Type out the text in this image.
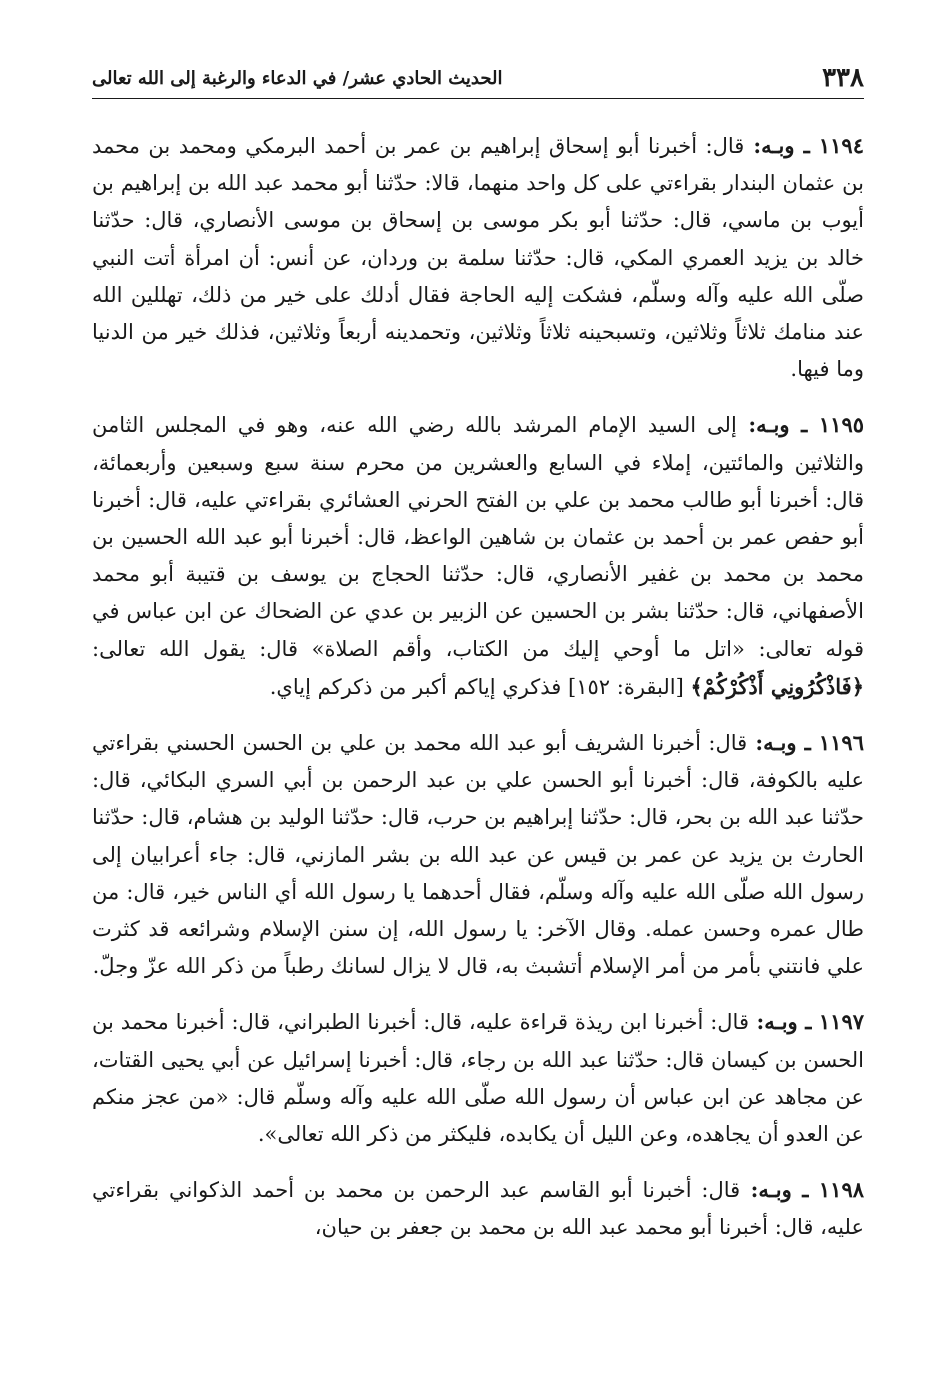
٣٣٨
الحديث الحادي عشر/ في الدعاء والرغبة إلى الله تعالى

١١٩٤ ـ وبـه: قال: أخبرنا أبو إسحاق إبراهيم بن عمر بن أحمد البرمكي ومحمد بن محمد بن عثمان البندار بقراءتي على كل واحد منهما، قالا: حدّثنا أبو محمد عبد الله بن إبراهيم بن أيوب بن ماسي، قال: حدّثنا أبو بكر موسى بن إسحاق بن موسى الأنصاري، قال: حدّثنا خالد بن يزيد العمري المكي، قال: حدّثنا سلمة بن وردان، عن أنس: أن امرأة أتت النبي صلّى الله عليه وآله وسلّم، فشكت إليه الحاجة فقال أدلك على خير من ذلك، تهللين الله عند منامك ثلاثاً وثلاثين، وتسبحينه ثلاثاً وثلاثين، وتحمدينه أربعاً وثلاثين، فذلك خير من الدنيا وما فيها.

١١٩٥ ـ وبـه: إلى السيد الإمام المرشد بالله رضي الله عنه، وهو في المجلس الثامن والثلاثين والمائتين، إملاء في السابع والعشرين من محرم سنة سبع وسبعين وأربعمائة، قال: أخبرنا أبو طالب محمد بن علي بن الفتح الحرني العشائري بقراءتي عليه، قال: أخبرنا أبو حفص عمر بن أحمد بن عثمان بن شاهين الواعظ، قال: أخبرنا أبو عبد الله الحسين بن محمد بن محمد بن غفير الأنصاري، قال: حدّثنا الحجاج بن يوسف بن قتيبة أبو محمد الأصفهاني، قال: حدّثنا بشر بن الحسين عن الزبير بن عدي عن الضحاك عن ابن عباس في قوله تعالى: «اتل ما أوحي إليك من الكتاب، وأقم الصلاة» قال: يقول الله تعالى: ﴿فَاذْكُرُونِي أَذْكُرْكُمْ﴾ [البقرة: ١٥٢] فذكري إياكم أكبر من ذكركم إياي.

١١٩٦ ـ وبـه: قال: أخبرنا الشريف أبو عبد الله محمد بن علي بن الحسن الحسني بقراءتي عليه بالكوفة، قال: أخبرنا أبو الحسن علي بن عبد الرحمن بن أبي السري البكائي، قال: حدّثنا عبد الله بن بحر، قال: حدّثنا إبراهيم بن حرب، قال: حدّثنا الوليد بن هشام، قال: حدّثنا الحارث بن يزيد عن عمر بن قيس عن عبد الله بن بشر المازني، قال: جاء أعرابيان إلى رسول الله صلّى الله عليه وآله وسلّم، فقال أحدهما يا رسول الله أي الناس خير، قال: من طال عمره وحسن عمله. وقال الآخر: يا رسول الله، إن سنن الإسلام وشرائعه قد كثرت علي فانتني بأمر من أمر الإسلام أتشبث به، قال لا يزال لسانك رطباً من ذكر الله عزّ وجلّ.

١١٩٧ ـ وبـه: قال: أخبرنا ابن ريذة قراءة عليه، قال: أخبرنا الطبراني، قال: أخبرنا محمد بن الحسن بن كيسان قال: حدّثنا عبد الله بن رجاء، قال: أخبرنا إسرائيل عن أبي يحيى القتات، عن مجاهد عن ابن عباس أن رسول الله صلّى الله عليه وآله وسلّم قال: «من عجز منكم عن العدو أن يجاهده، وعن الليل أن يكابده، فليكثر من ذكر الله تعالى».

١١٩٨ ـ وبـه: قال: أخبرنا أبو القاسم عبد الرحمن بن محمد بن أحمد الذكواني بقراءتي عليه، قال: أخبرنا أبو محمد عبد الله بن محمد بن جعفر بن حيان،
